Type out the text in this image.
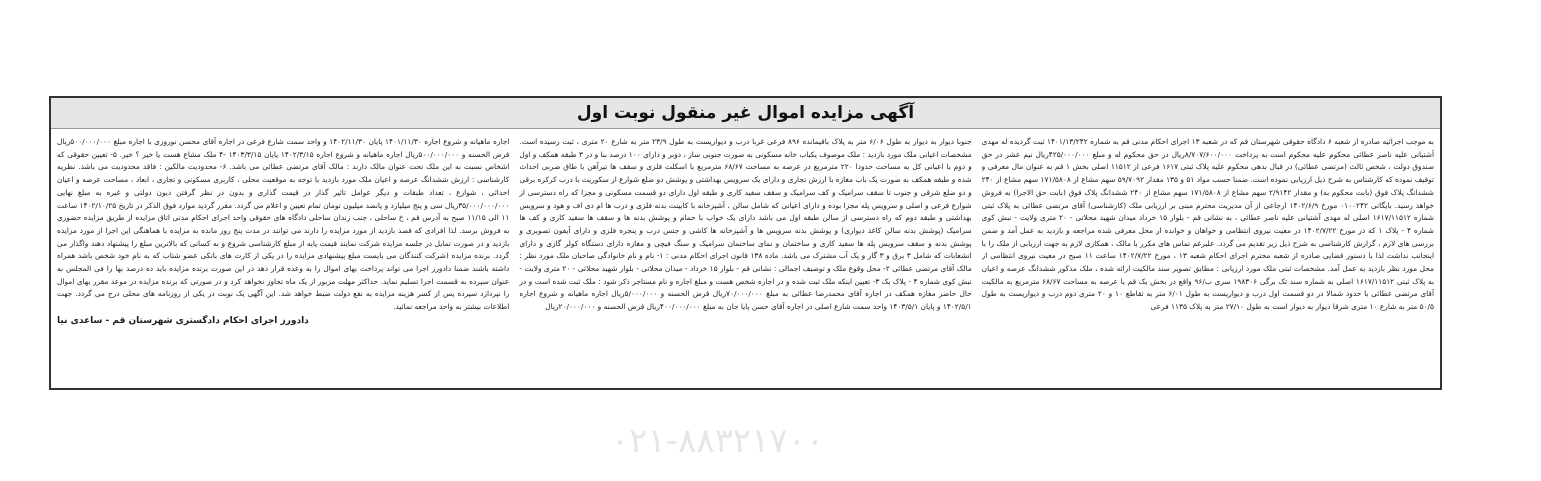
آگهی مزایده اموال غیر منقول نوبت اول

به موجب اجرائیه صادره از شعبه ۶ دادگاه حقوقی شهرستان قم که در شعبه ۱۳ اجرای احکام مدنی قم به شماره ۱۴۰۱/۱۳/۲۴۲ ثبت گردیده له مهدی آشتیانی علیه ناصر عطائی محکوم علیه محکوم است به پرداخت ۸/۷۰۷/۶۰۰/۰۰۰ریال در حق محکوم له و مبلغ ۴۲۵/۰۰۰/۰۰۰ریال نیم عشر در حق صندوق دولت ، شخص ثالث (مرتضی عطائی) در قبال بدهی محکوم علیه پلاک ثبتی ۱۶۱۷ فرعی از ۱۱۵۱۲ اصلی بخش ۱ قم به عنوان مال معرفی و توقیف نموده که کارشناس به شرح ذیل ارزیابی نموده است. ضمنا حسب مواد ۵۱ و ۱۳۵ مقدار ۵۹/۷۰۹۲ سهم مشاع از ۱۷۱/۵۸۰۸ سهم مشاع از ۲۴۰ ششدانگ پلاک فوق (بابت محکوم به) و مقدار ۲/۹۱۴۲ سهم مشاع از ۱۷۱/۵۸۰۸ سهم مشاع از ۲۴۰ ششدانگ پلاک فوق (بابت حق الاجرا) به فروش خواهد رسید. بایگانی ۰۱۰۰۲۴۲ مورخ ۱۴۰۲/۶/۹ ارجاعی از آن مدیریت محترم مبنی بر ارزیابی ملک (کارشناسی) آقای مرتضی عطائی به پلاک ثبتی شماره ۱۶۱۷/۱۱۵۱۲ اصلی له مهدی آشتیانی علیه ناصر عطائی ، به نشانی قم - بلوار ۱۵ خرداد میدان شهید محلاتی - ۲۰ متری ولایت - نبش کوی شماره ۴ - پلاک ۱ که در مورخ ۱۴۰۲/۷/۲۲ در معیت نیروی انتظامی و خواهان و خوانده از محل معرفی شده مراجعه و بازدید به عمل آمد و ضمن بررسی های لازم ، گزارش کارشناسی به شرح ذیل زیر تقدیم می گردد. علیرغم تماس های مکرر با مالک ، همکاری لازم به جهت ارزیابی از ملک را با اینجانب نداشت لذا با دستور قضایی صادره از شعبه محترم اجرای احکام شعبه ۱۳ ، مورخ ۱۴۰۲/۷/۲۲ ساعت ۱۱ صبح در معیت نیروی انتظامی از محل مورد نظر بازدید به عمل آمد. مشخصات ثبتی ملک مورد ارزیابی : مطابق تصویر سند مالکیت ارائه شده ، ملک مذکور ششدانگ عرصه و اعیان به پلاک ثبتی ۱۶۱۷/۱۱۵۱۲ اصلی به شماره سند تک برگی ۱۹۸۳۰۶ سری ب/۹۶ واقع در بخش یک قم با عرصه به مساحت ۶۸/۶۷ مترمربع به مالکیت آقای مرتضی عطائی با حدود شمالا در دو قسمت اول درب و دیواریست به طول ۶/۰۱ متر به تقاطع ۱۰ و ۲۰ متری دوم درب و دیواریست به طول ۵۰/۵ متر به شارع ۱۰ متری شرقا دیوار به دیوار است به طول ۲۷/۱۰ متر به پلاک ۱۱۳۵ فرعی

جنوبا دیوار به دیوار به طول ۶/۰۶ متر به پلاک باقیمانده ۸۹۶ فرعی غربا درب و دیواریست به طول ۲۳/۹ متر به شارع ۲۰ متری ، ثبت رسیده است. مشخصات اعیانی ملک مورد بازدید : ملک موصوف یکباب خانه مسکونی به صورت جنوبی ساز ، دوبر و دارای ۱۰۰ درصد بنا و در ۳ طبقه همکف و اول و دوم با اعیانی کل به مساحت حدودا ۲۲۰ مترمربع در عرصه به مساحت ۶۸/۶۷ مترمربع با اسکلت فلزی و سقف ها تیرآهن با طاق ضربی احداث شده و طبقه همکف به صورت یک باب مغازه با ارزش تجاری و دارای یک سرویس بهداشتی و پوشش دو ضلع شوارع از سکوریت با درب کرکره برقی و دو ضلع شرقی و جنوب تا سقف سرامیک و کف سرامیک و سقف سفید کاری و طبقه اول دارای دو قسمت مسکونی و مجزا که راه دسترسی از شوارع فرعی و اصلی و سرویس پله مجزا بوده و دارای اعیانی که شامل سالن ، آشپزخانه با کابینت بدنه فلزی و درب ها ام دی اف و هود و سرویس بهداشتی و طبقه دوم که راه دسترسی از سالن طبقه اول می باشد دارای یک خواب با حمام و پوشش بدنه ها و سقف ها سفید کاری و کف ها سرامیک (پوشش بدنه سالن کاغذ دیواری) و پوشش بدنه سرویس ها و آشپزخانه ها کاشی و جنس درب و پنجره فلزی و دارای آیفون تصویری و پوشش بدنه و سقف سرویس پله ها سفید کاری و ساختمان و نمای ساختمان سرامیک و سنگ فیچی و مغازه دارای دستگاه کولر گازی و دارای انشعابات که شامل ۳ برق و ۳ گاز و یک آب مشترک می باشد. ماده ۱۳۸ قانون اجرای احکام مدنی : ۱- نام و نام خانوادگی صاحبان ملک مورد نظر : مالک آقای مرتضی عطائی ۲- محل وقوع ملک و توصیف اجمالی : نشانی قم - بلوار ۱۵ خرداد - میدان محلاتی - بلوار شهید محلاتی - ۲۰ متری ولایت - نبش کوی شماره ۴ - پلاک یک ۳- تعیین اینکه ملک ثبت شده و در اجاره شخص هست و مبلغ اجاره و نام مستاجر ذکر شود : ملک ثبت شده است و در حال حاضر مغازه همکف در اجاره آقای محمدرضا عطائی به مبلغ ۷۰/۰۰۰/۰۰۰ریال قرض الحسنه و ۵/۰۰۰/۰۰۰ریال اجاره ماهیانه و شروع اجاره ۱۴۰۲/۵/۱ و پایان ۱۴۰۳/۵/۱ واحد سمت شارع اصلی در اجاره آقای حسن پایا جان به مبلغ ۴۰۰/۰۰۰/۰۰۰ریال قرض الحسنه و ۲۰/۰۰۰/۰۰۰ریال

اجاره ماهیانه و شروع اجاره ۱۴۰۱/۱۱/۳۰ پایان ۱۴۰۲/۱۱/۳۰ و واحد سمت شارع فرعی در اجاره آقای محسن نوروزی با اجاره مبلغ ۵۰۰/۰۰۰/۰۰۰ریال قرض الحسنه و ۵۰۰/۰۰۰/۰۰۰ریال اجاره ماهیانه و شروع اجاره ۱۴۰۲/۳/۱۵ پایان ۱۴۰۳/۳/۱۵ -۴ ملک مشاع هست یا خیر ؟ خیر. ۵- تعیین حقوقی که اشخاص نسبت به این ملک تحت عنوان مالک دارند : مالک آقای مرتضی عطائی می باشد. ۶- محدودیت مالکین : فاقد محدودیت می باشد. نظریه کارشناسی : ارزش ششدانگ عرصه و اعیان ملک مورد بازدید با توجه به موقعیت محلی ، کاربری مسکونی و تجاری ، ابعاد ، مساحت عرصه و اعیان احداثی ، شوارع ، تعداد طبقات و دیگر عوامل تاثیر گذار در قیمت گذاری و بدون در نظر گرفتن دیون دولتی و غیره به مبلغ نهایی ۳۵/۰۰۰/۰۰۰/۰۰۰ریال سی و پنج میلیارد و پانصد میلیون تومان تمام تعیین و اعلام می گردد. مقرر گردید موارد فوق الذکر در تاریخ ۱۴۰۲/۱۰/۲۵ ساعت ۱۱ الی ۱۱/۱۵ صبح به آدرس قم ، خ ساحلی ، جنب زندان ساحلی دادگاه های حقوقی واحد اجرای احکام مدنی اتاق مزایده از طریق مزایده حضوری به فروش برسد. لذا افرادی که قصد بازدید از مورد مزایده را دارند می توانند در مدت پنج روز مانده به مزایده با هماهنگی این اجرا از مورد مزایده بازدید و در صورت تمایل در جلسه مزایده شرکت نمایند قیمت پایه از مبلغ کارشناسی شروع و به کسانی که بالاترین مبلغ را پیشنهاد دهند واگذار می گردد. برنده مزایده (شرکت کنندگان می بایست مبلغ پیشنهادی مزایده را در یکی از کارت های بانکی عضو شتاب که به نام خود شخص باشد همراه داشته باشند ضمنا دادورز اجرا می تواند پرداخت بهای اموال را به وعده قرار دهد در این صورت برنده مزایده باید ده درصد بها را فی المجلس به عنوان سپرده به قسمت اجرا تسلیم نماید. حداکثر مهلت مزبور از یک ماه تجاوز نخواهد کرد و در صورتی که برنده مزایده در موعد مقرر بهای اموال را نپردازد سپرده پس از کسر هزینه مزایده به نفع دولت ضبط خواهد شد. این آگهی یک نوبت در یکی از روزنامه های محلی درج می گردد. جهت اطلاعات بیشتر به واحد مراجعه نمائید.

دادورز اجرای احکام دادگستری شهرستان قم - ساعدی نیا
۰۲۱-۸۸۳۲۱۷۰۰
